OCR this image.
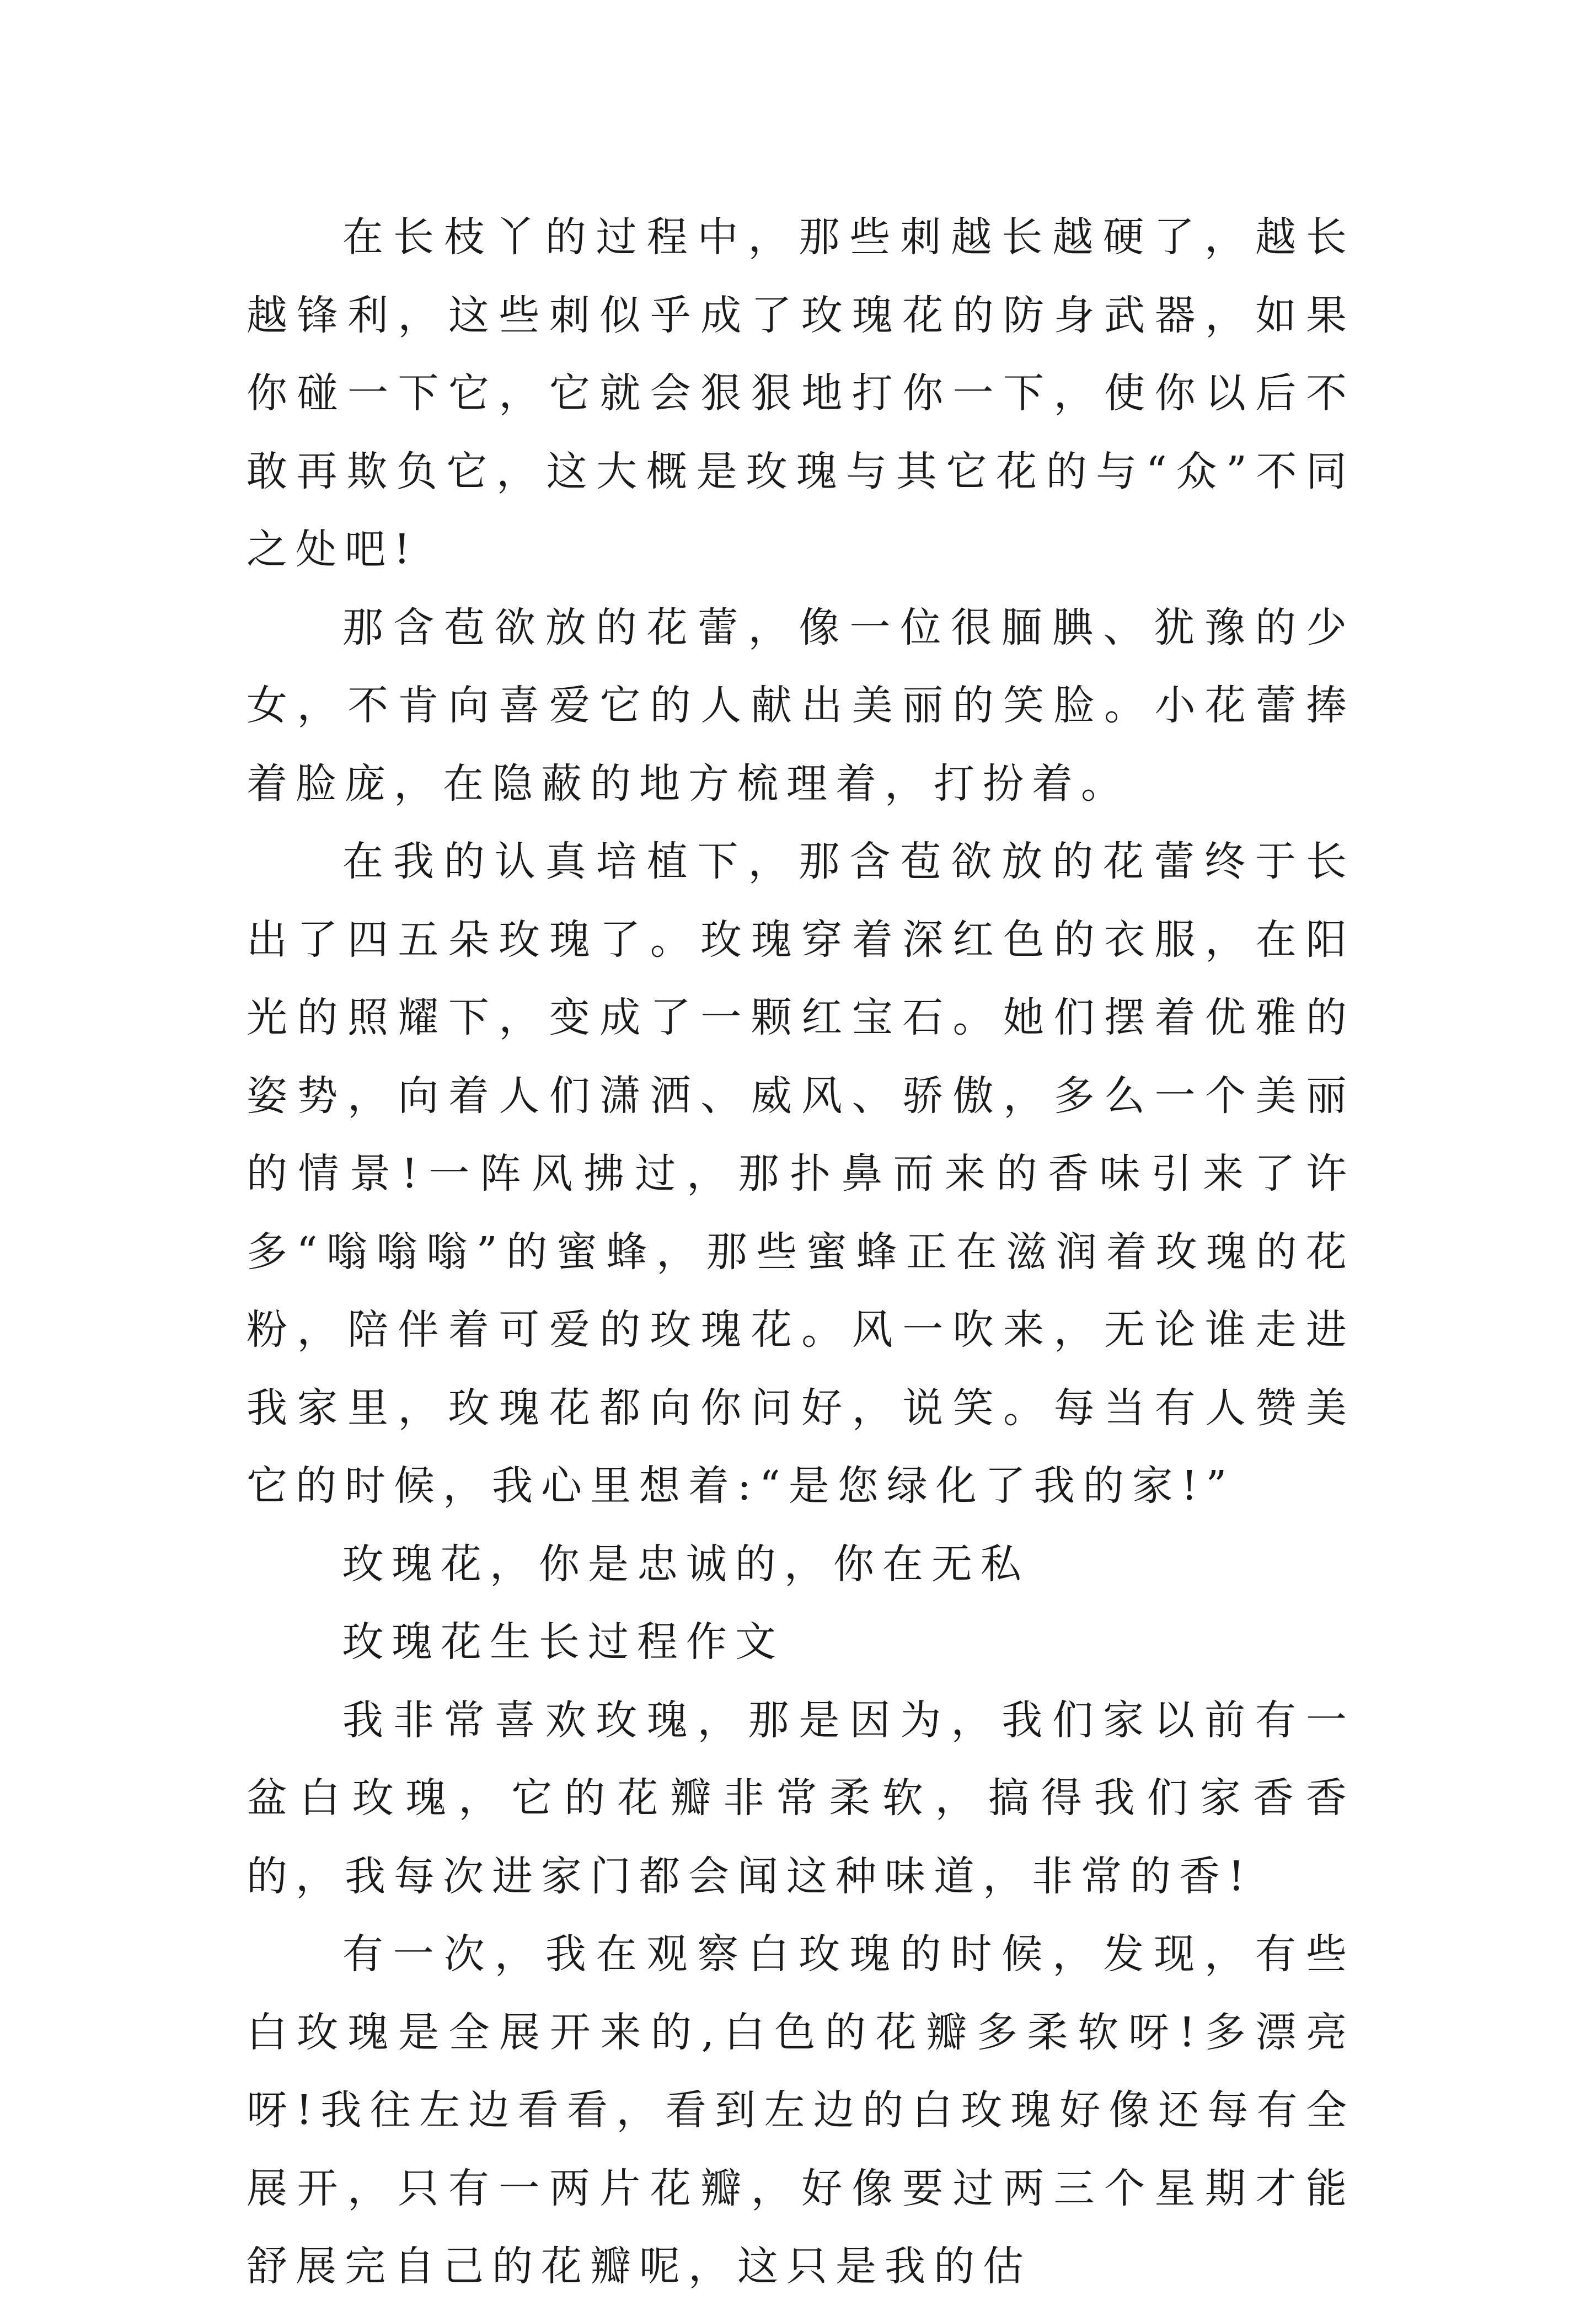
在长枝丫的过程中，那些刺越长越硬了，越长越锋利，这些刺似乎成了玫瑰花的防身武器，如果你碰一下它，它就会狠狠地打你一下，使你以后不敢再欺负它，这大概是玫瑰与其它花的与“众”不同之处吧!

那含苞欲放的花蕾，像一位很腼腆、犹豫的少女，不肯向喜爱它的人献出美丽的笑脸。小花蕾捧着脸庞，在隐蔽的地方梳理着，打扮着。

在我的认真培植下，那含苞欲放的花蕾终于长出了四五朵玫瑰了。玫瑰穿着深红色的衣服，在阳光的照耀下，变成了一颗红宝石。她们摆着优雅的姿势，向着人们潇洒、威风、骄傲，多么一个美丽的情景!一阵风拂过，那扑鼻而来的香味引来了许多“嗡嗡嗡”的蜜蜂，那些蜜蜂正在滋润着玫瑰的花粉，陪伴着可爱的玫瑰花。风一吹来，无论谁走进我家里，玫瑰花都向你问好，说笑。每当有人赞美它的时候，我心里想着:“是您绿化了我的家!”

玫瑰花，你是忠诚的，你在无私

玫瑰花生长过程作文

我非常喜欢玫瑰，那是因为，我们家以前有一盆白玫瑰，它的花瓣非常柔软，搞得我们家香香的，我每次进家门都会闻这种味道，非常的香!

有一次，我在观察白玫瑰的时候，发现，有些白玫瑰是全展开来的,白色的花瓣多柔软呀!多漂亮呀!我往左边看看，看到左边的白玫瑰好像还每有全展开，只有一两片花瓣，好像要过两三个星期才能舒展完自己的花瓣呢，这只是我的估
